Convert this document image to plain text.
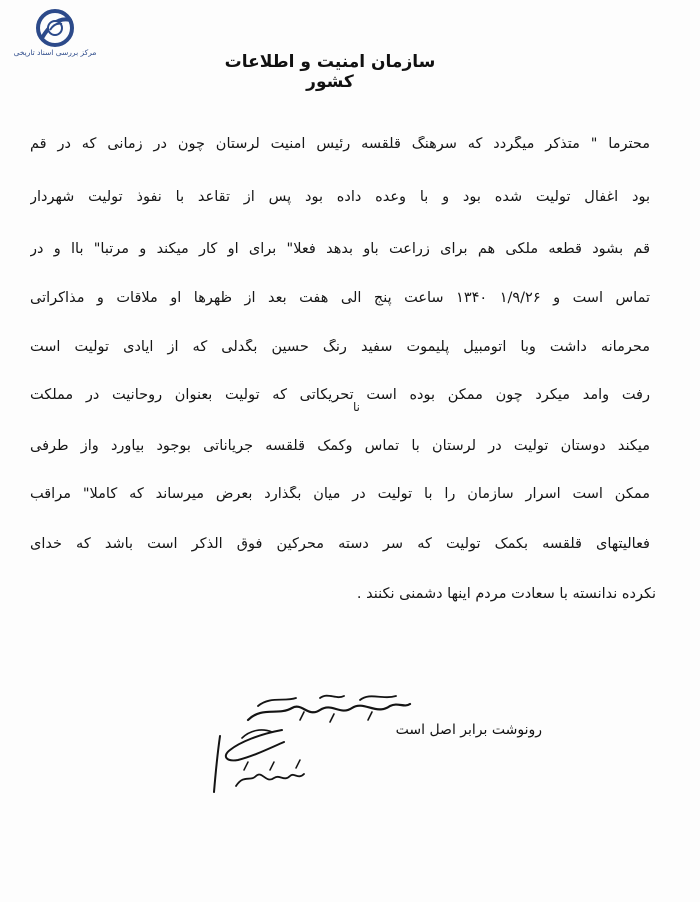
مرکز بررسی اسناد تاریخی	سازمان امنیت و اطلاعات کشور
محترما " متذکر میگردد که سرهنگ قلقسه رئیس امنیت لرستان چون در زمانی که در قم
بود اغفال تولیت شده بود و با وعده داده بود پس از تقاعد با نفوذ تولیت شهردار
قم بشود قطعه ملکی هم برای زراعت باو بدهد فعلا" برای او کار میکند و مرتبا" باا و در
تماس است و ۱/۹/۲۶ ۱۳۴۰ ساعت پنج الی هفت بعد از ظهرها او ملاقات و مذاکراتی
محرمانه داشت وبا اتومبیل پلیموت سفید رنگ حسین بگدلی که از ایادی تولیت است
رفت وآمد میکرد چون ممکن بوده است تحریکاتی که تولیت بعنوان روحانیت در مملکت
نا
میکند دوستان تولیت در لرستان با تماس وکمک قلقسه جریاناتی بوجود بیاورد واز طرفی
ممکن است اسرار سازمان را با تولیت در میان بگذارد بعرض میرساند که کاملا" مراقب
فعالیتهای قلقسه بکمک تولیت که سر دسته محرکین فوق الذکر است باشد که خدای
نکرده ندانسته با سعادت مردم اینها دشمنی نکنند .
رونوشت برابر اصل است
